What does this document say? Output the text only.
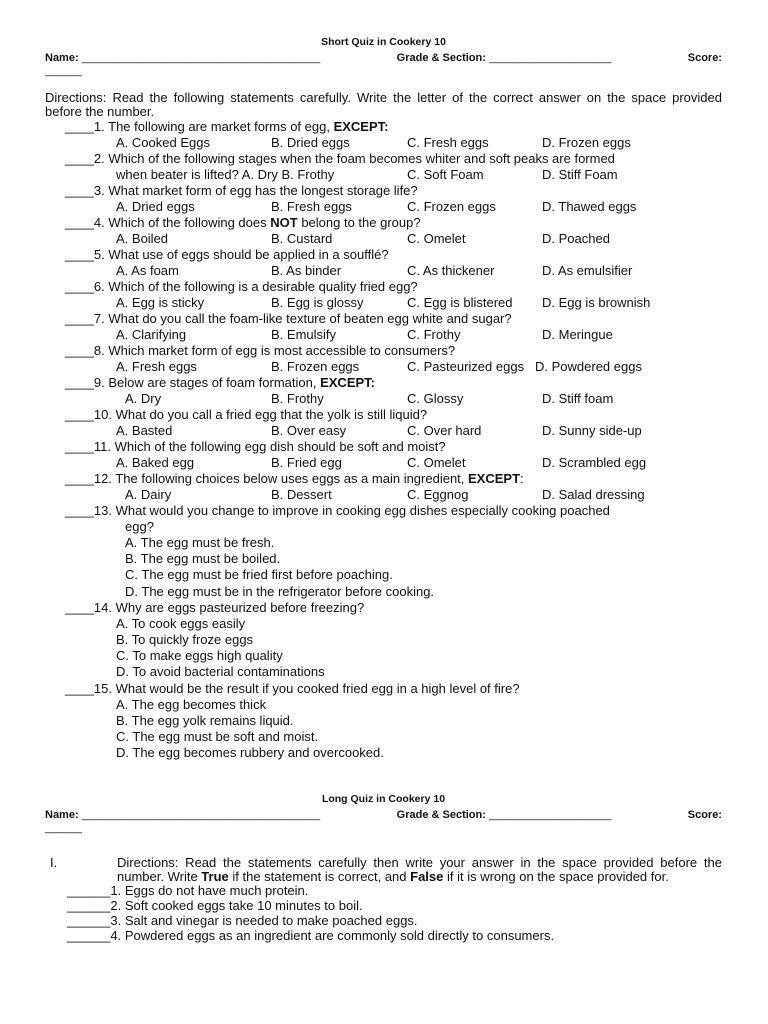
Short Quiz in Cookery 10
Name: _______________________________________	Grade & Section: ____________________	Score:
______
Directions: Read the following statements carefully. Write the letter of the correct answer on the space provided before the number.
____1. The following are market forms of egg, EXCEPT:
A. Cooked Eggs	B. Dried eggs	C. Fresh eggs	D. Frozen eggs
____2. Which of the following stages when the foam becomes whiter and soft peaks are formed
when beater is lifted? A. Dry B. Frothy	C. Soft Foam	D. Stiff Foam
____3. What market form of egg has the longest storage life?
A. Dried eggs	B. Fresh eggs	C. Frozen eggs	D. Thawed eggs
____4. Which of the following does NOT belong to the group?
A. Boiled	B. Custard	C. Omelet	D. Poached
____5. What use of eggs should be applied in a soufflé?
A. As foam	B. As binder	C. As thickener	D. As emulsifier
____6. Which of the following is a desirable quality fried egg?
A. Egg is sticky	B. Egg is glossy	C. Egg is blistered	D. Egg is brownish
____7. What do you call the foam-like texture of beaten egg white and sugar?
A. Clarifying	B. Emulsify	C. Frothy	D. Meringue
____8. Which market form of egg is most accessible to consumers?
A. Fresh eggs	B. Frozen eggs	C. Pasteurized eggs D. Powdered eggs
____9. Below are stages of foam formation, EXCEPT:
A. Dry	B. Frothy	C. Glossy	D. Stiff foam
____10. What do you call a fried egg that the yolk is still liquid?
A. Basted	B. Over easy	C. Over hard	D. Sunny side-up
____11. Which of the following egg dish should be soft and moist?
A. Baked egg	B. Fried egg	C. Omelet	D. Scrambled egg
____12. The following choices below uses eggs as a main ingredient, EXCEPT:
A. Dairy	B. Dessert	C. Eggnog	D. Salad dressing
____13. What would you change to improve in cooking egg dishes especially cooking poached
egg?
A. The egg must be fresh.
B. The egg must be boiled.
C. The egg must be fried first before poaching.
D. The egg must be in the refrigerator before cooking.
____14. Why are eggs pasteurized before freezing?
A. To cook eggs easily
B. To quickly froze eggs
C. To make eggs high quality
D. To avoid bacterial contaminations
____15. What would be the result if you cooked fried egg in a high level of fire?
A. The egg becomes thick
B. The egg yolk remains liquid.
C. The egg must be soft and moist.
D. The egg becomes rubbery and overcooked.
Long Quiz in Cookery 10
Name: _______________________________________	Grade & Section: ____________________	Score:
______
I.	Directions: Read the statements carefully then write your answer in the space provided before the number. Write True if the statement is correct, and False if it is wrong on the space provided for.
______1. Eggs do not have much protein.
______2. Soft cooked eggs take 10 minutes to boil.
______3. Salt and vinegar is needed to make poached eggs.
______4. Powdered eggs as an ingredient are commonly sold directly to consumers.
